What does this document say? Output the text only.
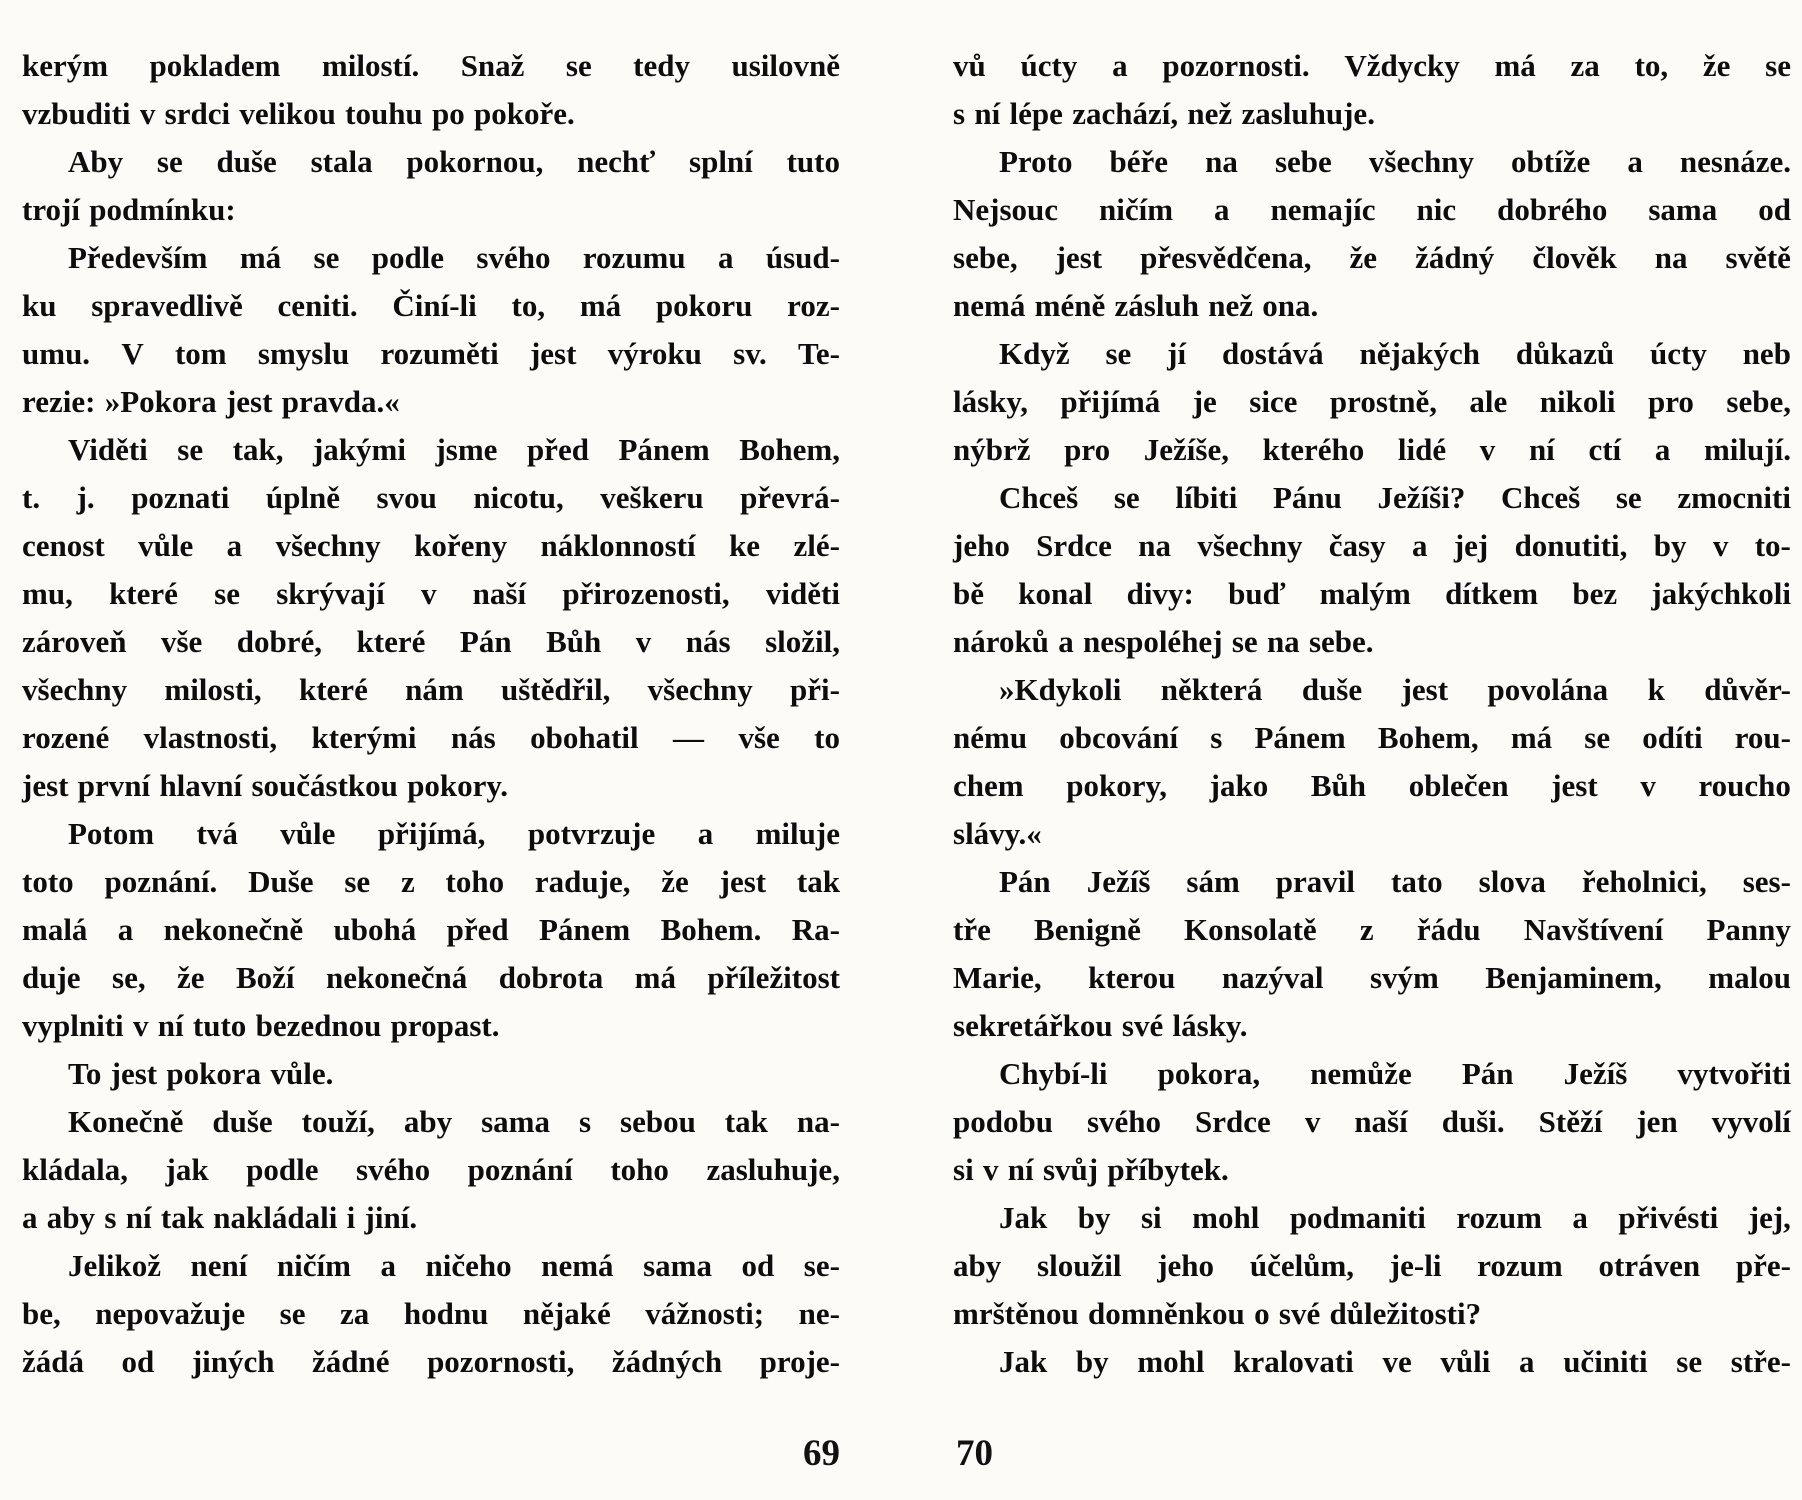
kerým pokladem milostí. Snaž se tedy usilovně
vzbuditi v srdci velikou touhu po pokoře.
Aby se duše stala pokornou, nechť splní tuto
trojí podmínku:
Především má se podle svého rozumu a úsud-
ku spravedlivě ceniti. Činí-li to, má pokoru roz-
umu. V tom smyslu rozuměti jest výroku sv. Te-
rezie: »Pokora jest pravda.«
Viděti se tak, jakými jsme před Pánem Bohem,
t. j. poznati úplně svou nicotu, veškeru převrá-
cenost vůle a všechny kořeny náklonností ke zlé-
mu, které se skrývají v naší přirozenosti, viděti
zároveň vše dobré, které Pán Bůh v nás složil,
všechny milosti, které nám uštědřil, všechny při-
rozené vlastnosti, kterými nás obohatil — vše to
jest první hlavní součástkou pokory.
Potom tvá vůle přijímá, potvrzuje a miluje
toto poznání. Duše se z toho raduje, že jest tak
malá a nekonečně ubohá před Pánem Bohem. Ra-
duje se, že Boží nekonečná dobrota má příležitost
vyplniti v ní tuto bezednou propast.
To jest pokora vůle.
Konečně duše touží, aby sama s sebou tak na-
kládala, jak podle svého poznání toho zasluhuje,
a aby s ní tak nakládali i jiní.
Jelikož není ničím a ničeho nemá sama od se-
be, nepovažuje se za hodnu nějaké vážnosti; ne-
žádá od jiných žádné pozornosti, žádných proje-
vů úcty a pozornosti. Vždycky má za to, že se
s ní lépe zachází, než zasluhuje.
Proto béře na sebe všechny obtíže a nesnáze.
Nejsouc ničím a nemajíc nic dobrého sama od
sebe, jest přesvědčena, že žádný člověk na světě
nemá méně zásluh než ona.
Když se jí dostává nějakých důkazů úcty neb
lásky, přijímá je sice prostně, ale nikoli pro sebe,
nýbrž pro Ježíše, kterého lidé v ní ctí a milují.
Chceš se líbiti Pánu Ježíši? Chceš se zmocniti
jeho Srdce na všechny časy a jej donutiti, by v to-
bě konal divy: buď malým dítkem bez jakýchkoli
nároků a nespoléhej se na sebe.
»Kdykoli některá duše jest povolána k důvěr-
nému obcování s Pánem Bohem, má se odíti rou-
chem pokory, jako Bůh oblečen jest v roucho
slávy.«
Pán Ježíš sám pravil tato slova řeholnici, ses-
tře Benigně Konsolatě z řádu Navštívení Panny
Marie, kterou nazýval svým Benjaminem, malou
sekretářkou své lásky.
Chybí-li pokora, nemůže Pán Ježíš vytvořiti
podobu svého Srdce v naší duši. Stěží jen vyvolí
si v ní svůj příbytek.
Jak by si mohl podmaniti rozum a přivésti jej,
aby sloužil jeho účelům, je-li rozum otráven pře-
mrštěnou domněnkou o své důležitosti?
Jak by mohl kralovati ve vůli a učiniti se stře-
69	70
